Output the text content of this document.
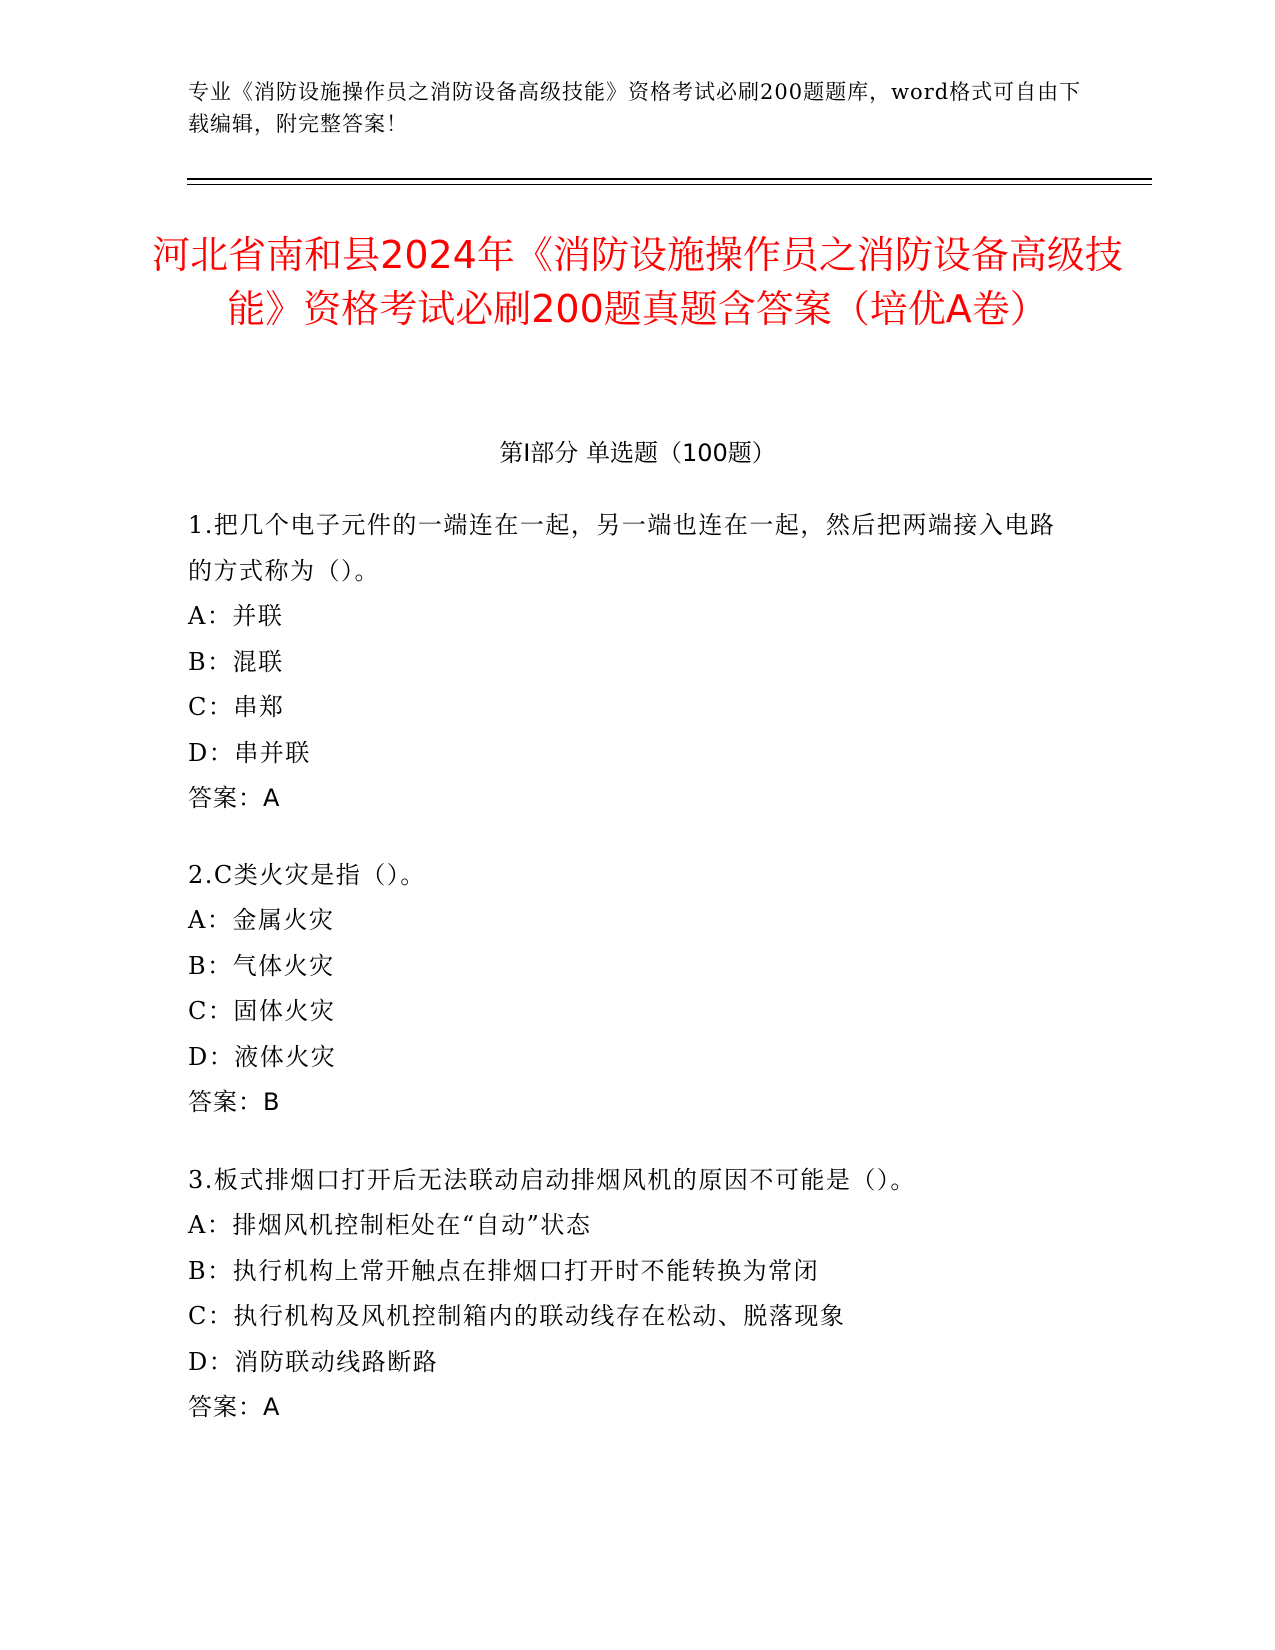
专业《消防设施操作员之消防设备高级技能》资格考试必刷200题题库，word格式可自由下载编辑，附完整答案！
河北省南和县2024年《消防设施操作员之消防设备高级技能》资格考试必刷200题真题含答案（培优A卷）
第Ⅰ部分 单选题（100题）
1.把几个电子元件的一端连在一起，另一端也连在一起，然后把两端接入电路的方式称为（）。
A：并联
B：混联
C：串郑
D：串并联
答案：A
2.C类火灾是指（）。
A：金属火灾
B：气体火灾
C：固体火灾
D：液体火灾
答案：B
3.板式排烟口打开后无法联动启动排烟风机的原因不可能是（）。
A：排烟风机控制柜处在“自动”状态
B：执行机构上常开触点在排烟口打开时不能转换为常闭
C：执行机构及风机控制箱内的联动线存在松动、脱落现象
D：消防联动线路断路
答案：A
